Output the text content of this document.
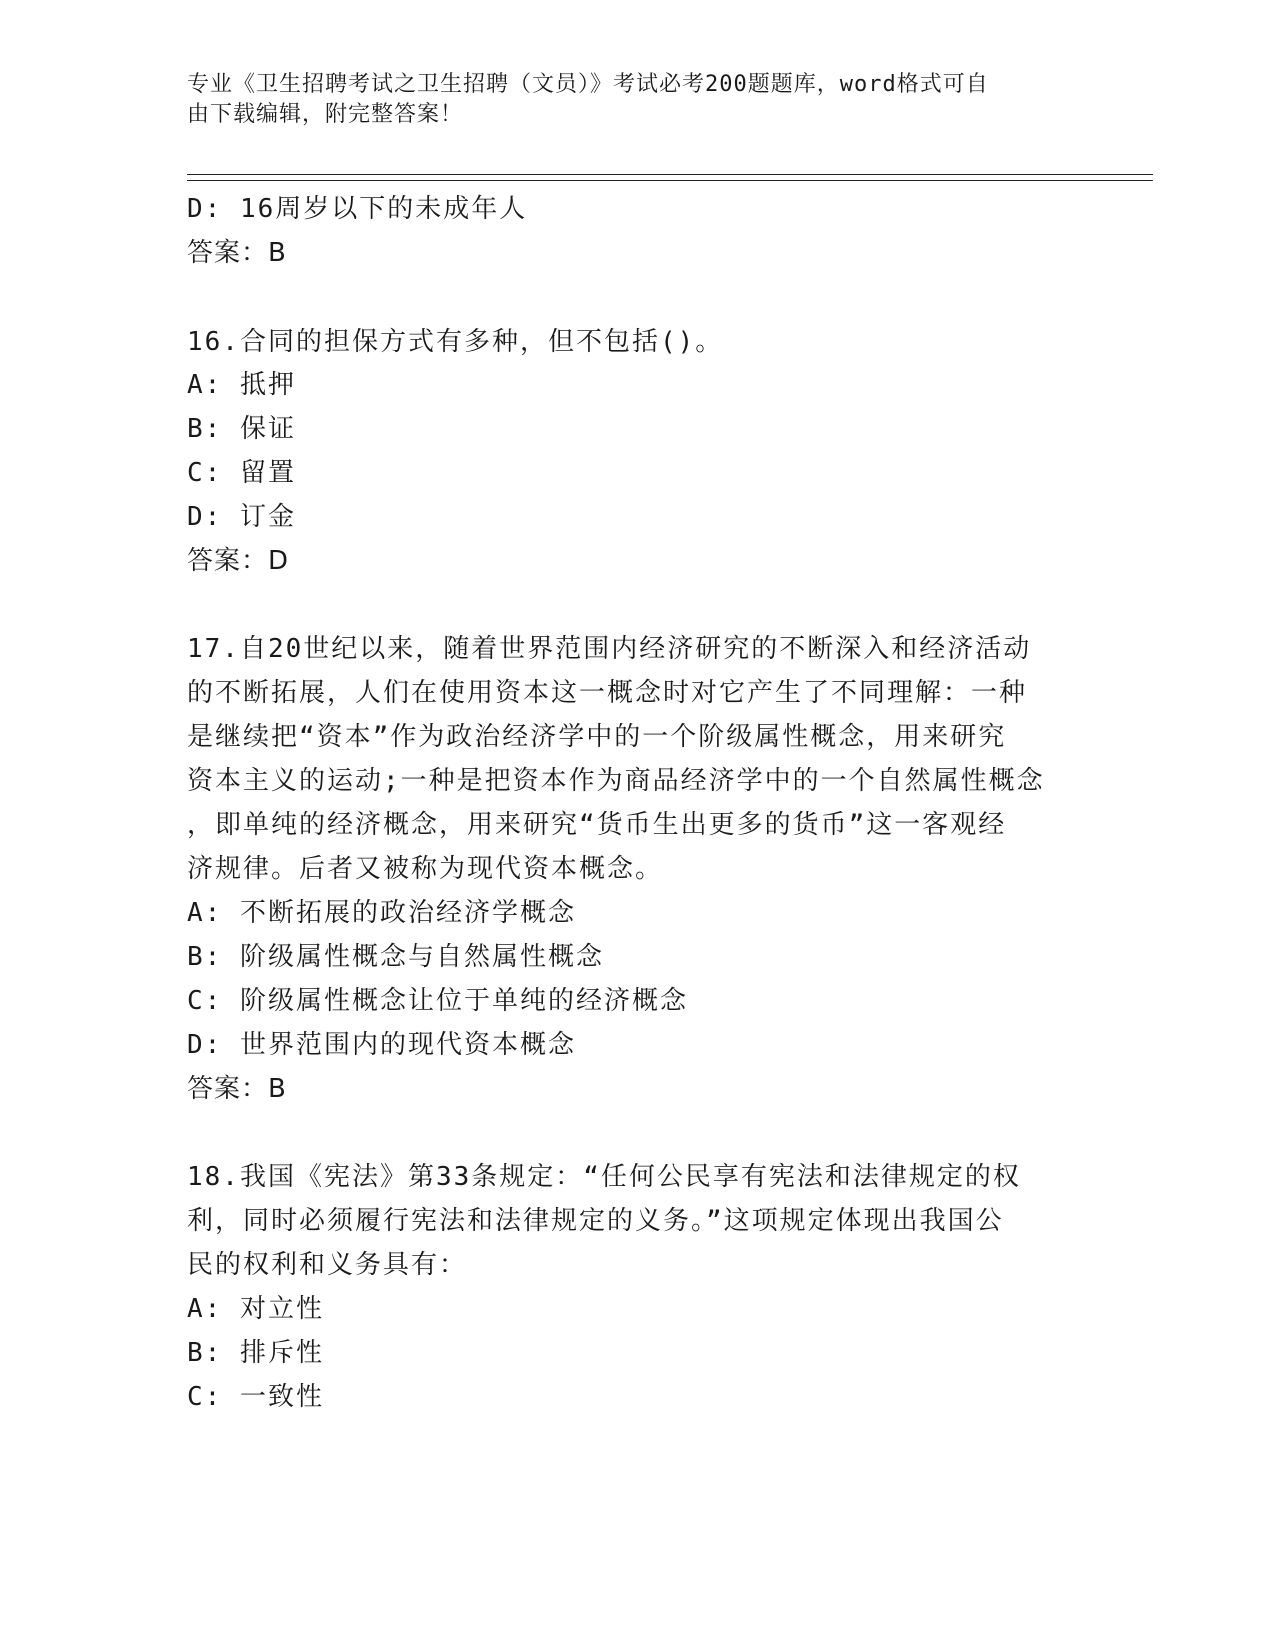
专业《卫生招聘考试之卫生招聘（文员）》考试必考200题题库，word格式可自
由下载编辑，附完整答案！
D: 16周岁以下的未成年人
答案：B
16.合同的担保方式有多种，但不包括()。
A: 抵押
B: 保证
C: 留置
D: 订金
答案：D
17.自20世纪以来，随着世界范围内经济研究的不断深入和经济活动
的不断拓展，人们在使用资本这一概念时对它产生了不同理解：一种
是继续把“资本”作为政治经济学中的一个阶级属性概念，用来研究
资本主义的运动;一种是把资本作为商品经济学中的一个自然属性概念
，即单纯的经济概念，用来研究“货币生出更多的货币”这一客观经
济规律。后者又被称为现代资本概念。
A: 不断拓展的政治经济学概念
B: 阶级属性概念与自然属性概念
C: 阶级属性概念让位于单纯的经济概念
D: 世界范围内的现代资本概念
答案：B
18.我国《宪法》第33条规定：“任何公民享有宪法和法律规定的权
利，同时必须履行宪法和法律规定的义务。”这项规定体现出我国公
民的权利和义务具有：
A: 对立性
B: 排斥性
C: 一致性
